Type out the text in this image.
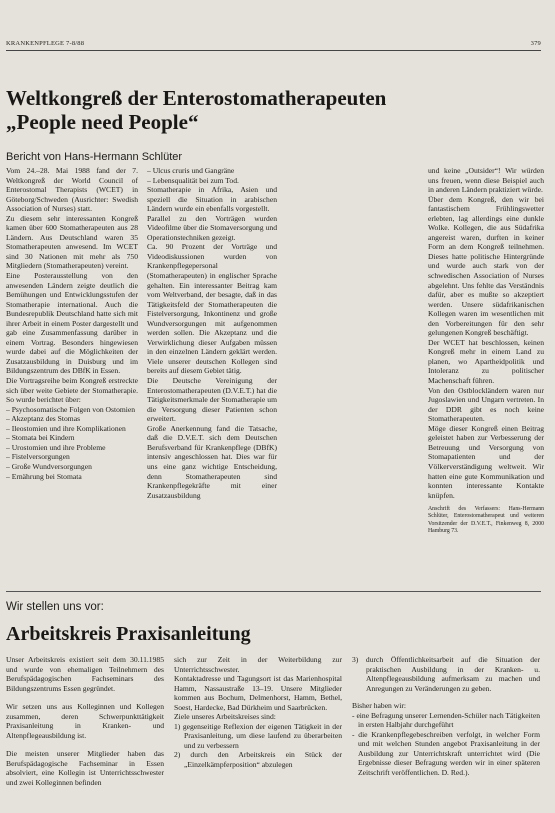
KRANKENPFLEGE 7-8/88	379
Weltkongreß der Enterostomatherapeuten
„People need People“
Bericht von Hans-Hermann Schlüter

Vom 24.–28. Mai 1988 fand der 7. Weltkongreß der World Council of Enterostomal Therapists (WCET) in Göteborg/Schweden (Ausrichter: Swedish Association of Nurses) statt.

Zu diesem sehr interessanten Kongreß kamen über 600 Stomatherapeuten aus 28 Ländern. Aus Deutschland waren 35 Stomatherapeuten anwesend. Im WCET sind 30 Nationen mit mehr als 750 Mitgliedern (Stomatherapeuten) vereint.

Eine Posterausstellung von den anwesenden Ländern zeigte deutlich die Bemühungen und Entwicklungsstufen der Stomatherapie international. Auch die Bundesrepublik Deutschland hatte sich mit ihrer Arbeit in einem Poster dargestellt und gab eine Zusammenfassung darüber in einem Vortrag. Besonders hingewiesen wurde dabei auf die Möglichkeiten der Zusatzausbildung in Duisburg und im Bildungszentrum des DBfK in Essen.

Die Vortragsreihe beim Kongreß erstreckte sich über weite Gebiete der Stomatherapie. So wurde berichtet über:

– Psychosomatische Folgen von Ostomien
– Akzeptanz des Stomas
– Ileostomien und ihre Komplikationen
– Stomata bei Kindern
– Urostomien und ihre Probleme
– Fistelversorgungen
– Große Wundversorgungen
– Ernährung bei Stomata
– Ulcus cruris und Gangräne
– Lebensqualität bei zum Tod.

Stomatherapie in Afrika, Asien und speziell die Situation in arabischen Ländern wurde ein ebenfalls vorgestellt.

Parallel zu den Vorträgen wurden Videofilme über die Stomaversorgung und Operationstechniken gezeigt.

Ca. 90 Prozent der Vorträge und Videodiskussionen wurden von Krankenpflegepersonal (Stomatherapeuten) in englischer Sprache gehalten. Ein interessanter Beitrag kam vom Weltverband, der besagte, daß in das Tätigkeitsfeld der Stomatherapeuten die Fistelversorgung, Inkontinenz und große Wundversorgungen mit aufgenommen werden sollen. Die Akzeptanz und die Verwirklichung dieser Aufgaben müssen in den einzelnen Ländern geklärt werden. Viele unserer deutschen Kollegen sind bereits auf diesem Gebiet tätig.

Die Deutsche Vereinigung der Enterostomatherapeuten (D.V.E.T.) hat die Tätigkeitsmerkmale der Stomatherapie um die Versorgung dieser Patienten schon erweitert.

Große Anerkennung fand die Tatsache, daß die D.V.E.T. sich dem Deutschen Berufsverband für Krankenpflege (DBfK) intensiv angeschlossen hat. Dies war für uns eine ganz wichtige Entscheidung, denn Stomatherapeuten sind Krankenpflegekräfte mit einer Zusatzausbildung

und keine „Outsider“! Wir würden uns freuen, wenn diese Beispiel auch in anderen Ländern praktiziert würde.

Über dem Kongreß, den wir bei fantastischem Frühlingswetter erlebten, lag allerdings eine dunkle Wolke. Kollegen, die aus Südafrika angereist waren, durften in keiner Form an dem Kongreß teilnehmen. Dieses hatte politische Hintergründe und wurde auch stark von der schwedischen Association of Nurses abgelehnt. Uns fehlte das Verständnis dafür, aber es mußte so akzeptiert werden. Unsere südafrikanischen Kollegen waren im wesentlichen mit den Vorbereitungen für den sehr gelungenen Kongreß beschäftigt.

Der WCET hat beschlossen, keinen Kongreß mehr in einem Land zu planen, wo Apartheidpolitik und Intoleranz zu politischer Machenschaft führen.

Von den Ostblockländern waren nur Jugoslawien und Ungarn vertreten. In der DDR gibt es noch keine Stomatherapeuten.

Möge dieser Kongreß einen Beitrag geleistet haben zur Verbesserung der Betreuung und Versorgung von Stomapatienten und der Völkerverständigung weltweit. Wir hatten eine gute Kommunikation und konnten interessante Kontakte knüpfen.

Anschrift des Verfassers: Hans-Hermann Schlüter, Enterostomatherapeut und weiteren Vorsitzender der D.V.E.T., Finkenweg 8, 2000 Hamburg 73.

Wir stellen uns vor:
Arbeitskreis Praxisanleitung

Unser Arbeitskreis existiert seit dem 30.11.1985 und wurde von ehemaligen Teilnehmern des Berufspädagogischen Fachseminars des Bildungszentrums Essen gegründet.

Wir setzen uns aus Kolleginnen und Kollegen zusammen, deren Schwerpunkttätigkeit Praxisanleitung in Kranken- und Altenpflegeausbildung ist.

Die meisten unserer Mitglieder haben das Berufspädagogische Fachseminar in Essen absolviert, eine Kollegin ist Unterrichtsschwester und zwei Kolleginnen befinden

sich zur Zeit in der Weiterbildung zur Unterrichtsschwester.

Kontaktadresse und Tagungsort ist das Marienhospital Hamm, Nassaustraße 13–19. Unsere Mitglieder kommen aus Bochum, Delmenhorst, Hamm, Bethel, Soest, Hardecke, Bad Dürkheim und Saarbrücken.

Ziele unseres Arbeitskreises sind:

1) gegenseitige Reflexion der eigenen Tätigkeit in der Praxisanleitung, um diese laufend zu überarbeiten und zu verbessern
2) durch den Arbeitskreis ein Stück der „Einzelkämpferposition“ abzulegen
3) durch Öffentlichkeitsarbeit auf die Situation der praktischen Ausbildung in der Kranken- u. Altenpflegeausbildung aufmerksam zu machen und Anregungen zu Veränderungen zu geben.

Bisher haben wir:

- eine Befragung unserer Lernenden-Schüler nach Tätigkeiten in ersten Halbjahr durchgeführt
- die Krankenpflegebeschreiben verfolgt, in welcher Form und mit welchen Stunden angebot Praxisanleitung in der Ausbildung zur Unterrichtskraft unterrichtet wird (Die Ergebnisse dieser Befragung werden wir in einer späteren Zeitschrift veröffentlichen. D. Red.).
